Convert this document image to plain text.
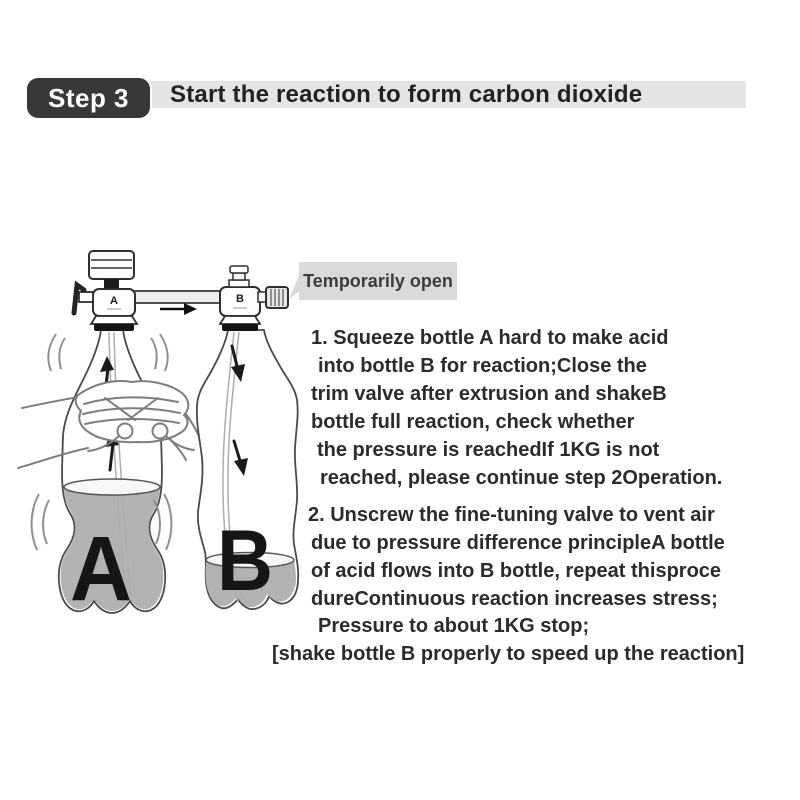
Start the reaction to form carbon dioxide
Step 3
A B
A	B
Temporarily open
1. Squeeze bottle A hard to make acid
into bottle B for reaction;Close the
trim valve after extrusion and shakeB
bottle full reaction, check whether
the pressure is reachedIf 1KG is not
reached, please continue step 2Operation.
2. Unscrew the fine-tuning valve to vent air
due to pressure difference principleA bottle
of acid flows into B bottle, repeat thisproce
dureContinuous reaction increases stress;
Pressure to about 1KG stop;
[shake bottle B properly to speed up the reaction]
